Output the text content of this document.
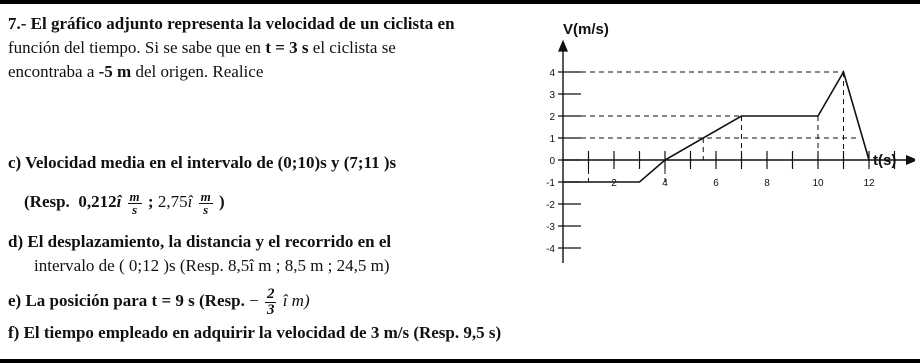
7.- El gráfico adjunto representa la velocidad de un ciclista en
función del tiempo. Si se sabe que en t = 3 s el ciclista se
encontraba a -5 m del origen. Realice
c) Velocidad media en el intervalo de (0;10)s y (7;11 )s
(Resp. 0,212î $\frac{m}{s}$ ; 2,75î $\frac{m}{s}$ )
d) El desplazamiento, la distancia y el recorrido en el
intervalo de ( 0;12 )s (Resp. 8,5î m ; 8,5 m ; 24,5 m)
e) La posición para t = 9 s (Resp. − $\frac{2}{3}$ î m)
f) El tiempo empleado en adquirir la velocidad de 3 m/s (Resp. 9,5 s)
V(m/s)
t(s)
4
3
2
1
0
-1
-2
-3
-4
2	4	6	8	10	12
